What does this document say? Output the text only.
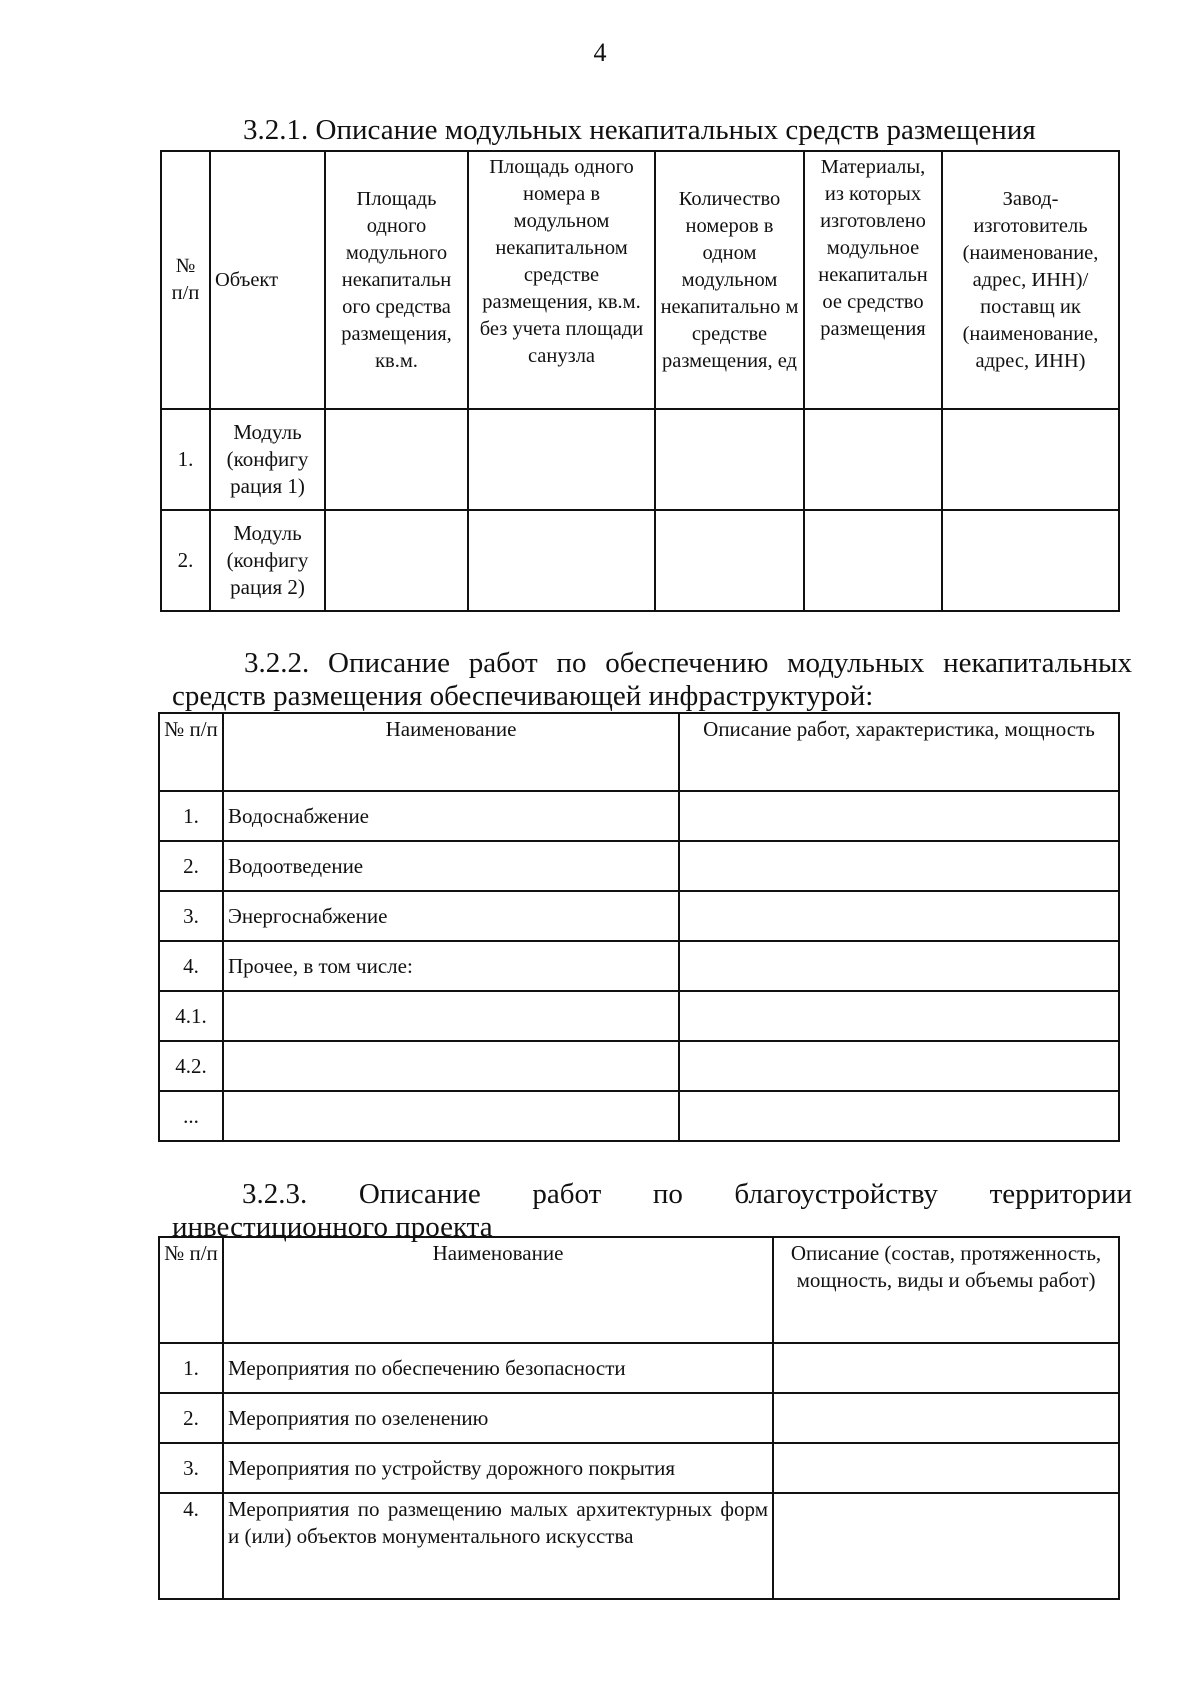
4
3.2.1. Описание модульных некапитальных средств размещения
№ п/п	Объект	Площадь одного модульного некапитальн ого средства размещения, кв.м.	Площадь одного номера в модульном некапитальном средстве размещения, кв.м. без учета площади санузла	Количество номеров в одном модульном некапитально м средстве размещения, ед	Материалы, из которых изготовлено модульное некапитальн ое средство размещения	Завод-изготовитель (наименование, адрес, ИНН)/поставщ ик (наименование, адрес, ИНН)
1.	Модуль (конфигу рация 1)					
2.	Модуль (конфигу рация 2)					
3.2.2. Описание работ по обеспечению модульных некапитальных
средств размещения обеспечивающей инфраструктурой:
№ п/п	Наименование	Описание работ, характеристика, мощность
1.	Водоснабжение	
2.	Водоотведение	
3.	Энергоснабжение	
4.	Прочее, в том числе:	
4.1.		
4.2.		
...		
3.2.3. Описание работ по благоустройству территории
инвестиционного проекта
№ п/п	Наименование	Описание (состав, протяженность, мощность, виды и объемы работ)
1.	Мероприятия по обеспечению безопасности	
2.	Мероприятия по озеленению	
3.	Мероприятия по устройству дорожного покрытия	
4.	Мероприятия по размещению малых архитектурных форм и (или) объектов монументального искусства	
